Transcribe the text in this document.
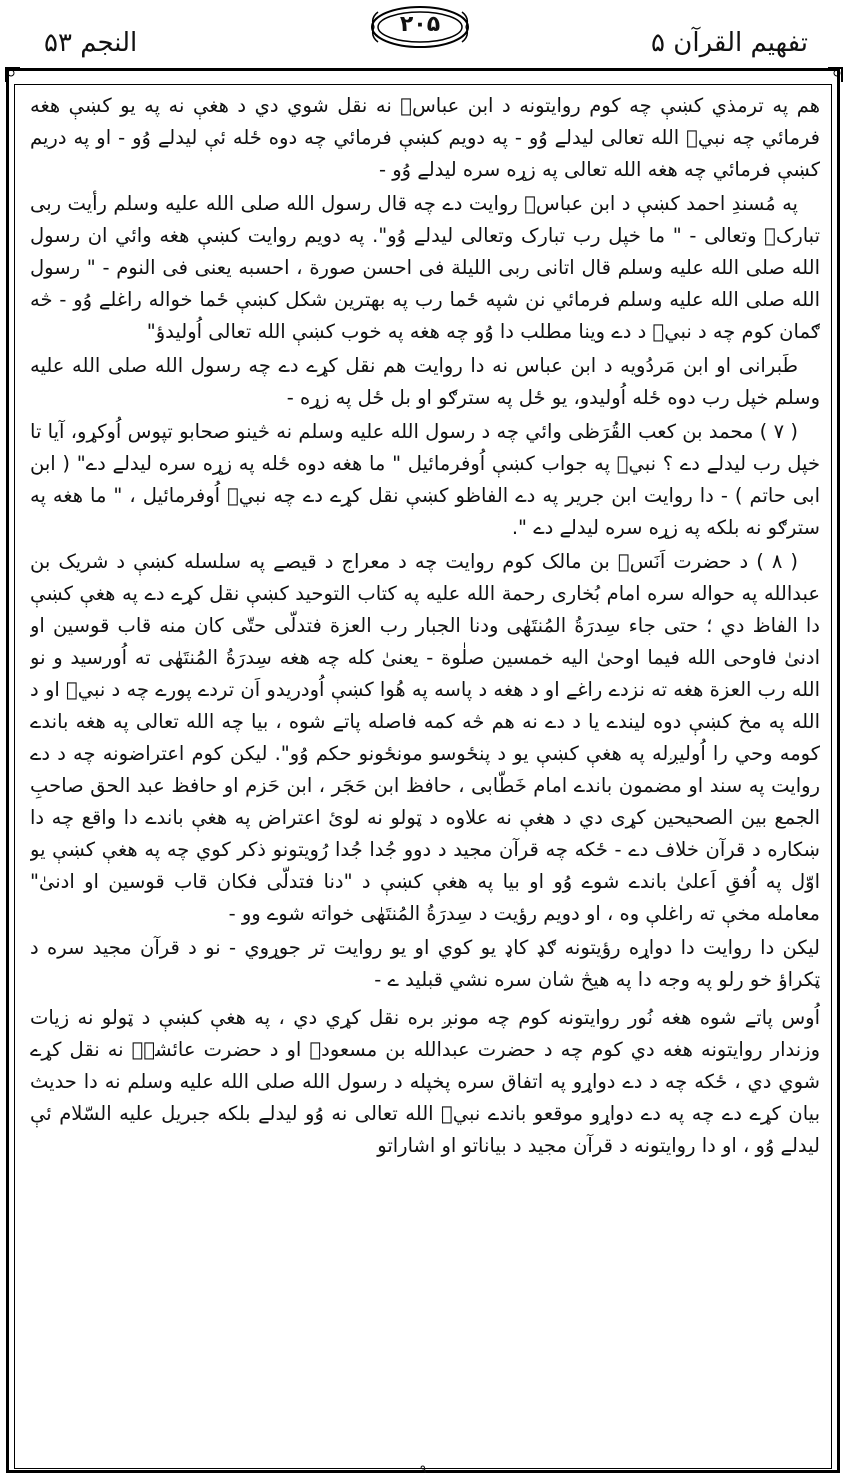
النجم ۵۳
۲۰۵
تفهیم القرآن ۵

هم په ترمذي کښې چه کوم روایتونه د ابن عباسؓ نه نقل شوي دي د هغې نه په یو کښې هغه فرمائي چه نبيؐ الله تعالی لیدلے وُو - په دویم کښې فرمائي چه دوه ځله ئې لیدلے وُو - او په دریم کښې فرمائي چه هغه الله تعالی په زړه سره لیدلے وُو -

په مُسندِ احمد کښې د ابن عباسؓ روایت دے چه قال رسول الله صلی الله علیه وسلم رأیت ربی تبارکؔ وتعالی - " ما خپل رب تبارک وتعالی لیدلے وُو". په دویم روایت کښې هغه وائي ان رسول الله صلی الله علیه وسلم قال اتانی ربی اللیلة فی احسن صورة ، احسبه یعنی فی النوم - " رسول الله صلی الله علیه وسلم فرمائي نن شپه ځما رب په بهترین شکل کښې ځما خواله راغلے وُو - څه ګمان کوم چه د نبيؐ د دے وینا مطلب دا وُو چه هغه په خوب کښې الله تعالی اُولیدؤ"

طَبرانی او ابن مَردُویه د ابن عباس نه دا روایت هم نقل کړے دے چه رسول الله صلی الله علیه وسلم خپل رب دوه ځله اُولیدو، یو ځل په سترګو او بل ځل په زړه -

( ۷ ) محمد بن کعب القُرَظی وائي چه د رسول الله علیه وسلم نه څینو صحابو تپوس اُوکړو، آیا تا خپل رب لیدلے دے ؟ نبيؐ په جواب کښې اُوفرمائیل " ما هغه دوه ځله په زړه سره لیدلے دے" ( ابن ابی حاتم ) - دا روایت ابن جریر په دے الفاظو کښې نقل کړے دے چه نبيؐ اُوفرمائیل ، " ما هغه په سترګو نه بلکه په زړه سره لیدلے دے ".

( ۸ ) د حضرت اَنَسؓ بن مالک کوم روایت چه د معراج د قیصے په سلسله کښې د شریک بن عبدالله په حواله سره امام بُخاری رحمة الله علیه په کتاب التوحید کښې نقل کړے دے په هغې کښې دا الفاظ دي ؛ حتی جاء سِدرَةُ المُنتَهٰی ودنا الجبار رب العزة فتدلّی حتّی کان منه قاب قوسین او ادنیٰ فاوحی الله فیما اوحیٰ الیه خمسین صلٰوة - یعنیٰ کله چه هغه سِدرَةُ المُنتَهٰی ته اُورسید و نو الله رب العزة هغه ته نزدے راغے او د هغه د پاسه په هُوا کښې اُودریدو اَن تردے پورے چه د نبيؐ او د الله په مخ کښې دوه لیندے یا د دے نه هم څه کمه فاصله پاتے شوه ، بیا چه الله تعالی په هغه باندے کومه وحي را اُولیږله په هغې کښې یو د پنځوسو مونځونو حکم وُو". لیکن کوم اعتراضونه چه د دے روایت په سند او مضمون باندے امام خَطّابی ، حافظ ابن حَجَر ، ابن حَزم او حافظ عبد الحق صاحبِ الجمع بین الصحیحین کړی دي د هغې نه علاوه د ټولو نه لوئ اعتراض په هغې باندے دا واقع چه دا ښکاره د قرآن خلاف دے - ځکه چه قرآن مجید د دوو جُدا جُدا رُویتونو ذکر کوي چه په هغې کښې یو اوّل په اُفقِ اَعلیٰ باندے شوے وُو او بیا په هغې کښې د "دنا فتدلّی فکان قاب قوسین او ادنیٰ" معامله مخې ته راغلې وه ، او دویم رؤیت د سِدرَةُ المُنتَهٰی خواته شوے وو -

لیکن دا روایت دا دواړه رؤیتونه ګډ کاډ یو کوي او یو روایت تر جوړوي - نو د قرآن مجید سره د ټکراؤ خو رلو په وجه دا په هیڅ شان سره نشي قبلید ے -

اُوس پاتے شوه هغه نُور روایتونه کوم چه مونږ بره نقل کړي دي ، په هغې کښې د ټولو نه زیات وزندار روایتونه هغه دي کوم چه د حضرت عبدالله بن مسعودؓ او د حضرت عائشےؓ نه نقل کړے شوي دي ، ځکه چه د دے دواړو په اتفاق سره پخپله د رسول الله صلی الله علیه وسلم نه دا حدیث بیان کړے دے چه په دے دواړو موقعو باندے نبيؐ الله تعالی نه وُو لیدلے بلکه جبریل علیه السّلام ئې لیدلے وُو ، او دا روایتونه د قرآن مجید د بیاناتو او اشاراتو

٩
